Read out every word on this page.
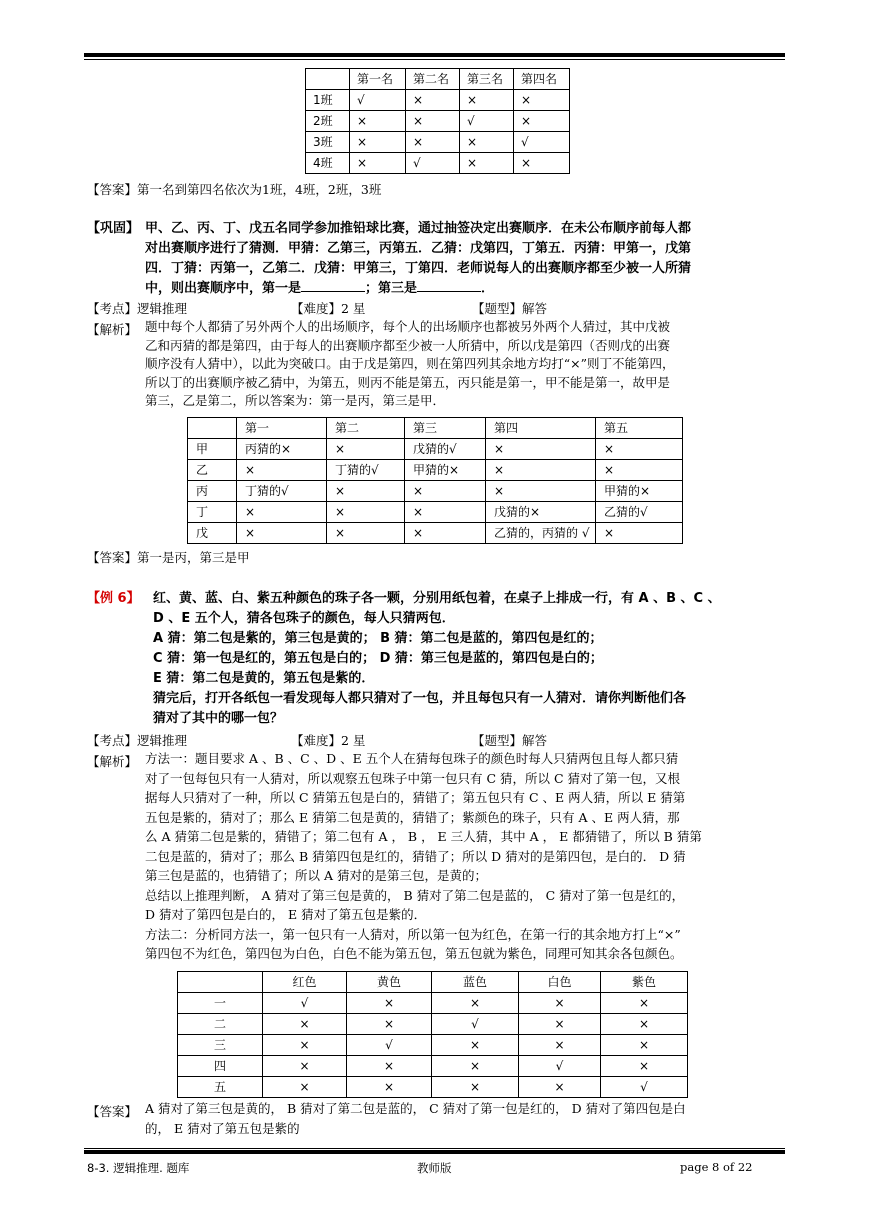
	第一名	第二名	第三名	第四名
1班	√	×	×	×
2班	×	×	√	×
3班	×	×	×	√
4班	×	√	×	×
【答案】第一名到第四名依次为1班，4班，2班，3班
【巩固】 甲、乙、丙、丁、戊五名同学参加推铅球比赛，通过抽签决定出赛顺序．在未公布顺序前每人都
对出赛顺序进行了猜测．甲猜：乙第三，丙第五．乙猜：戊第四，丁第五．丙猜：甲第一，戊第
四．丁猜：丙第一，乙第二．戊猜：甲第三，丁第四．老师说每人的出赛顺序都至少被一人所猜
中，则出赛顺序中，第一是	；第三是	．
【考点】逻辑推理	【难度】2 星	【题型】解答
【解析】 题中每个人都猜了另外两个人的出场顺序，每个人的出场顺序也都被另外两个人猜过，其中戊被
乙和丙猜的都是第四，由于每人的出赛顺序都至少被一人所猜中，所以戊是第四（否则戊的出赛
顺序没有人猜中），以此为突破口。由于戊是第四，则在第四列其余地方均打“×”则丁不能第四，
所以丁的出赛顺序被乙猜中，为第五，则丙不能是第五，丙只能是第一，甲不能是第一，故甲是
第三，乙是第二，所以答案为：第一是丙，第三是甲．
	第一	第二	第三	第四	第五
甲	丙猜的×	×	戊猜的√	×	×
乙	×	丁猜的√	甲猜的×	×	×
丙	丁猜的√	×	×	×	甲猜的×
丁	×	×	×	戊猜的×	乙猜的√
戊	×	×	×	乙猜的，丙猜的 √	×
【答案】第一是丙，第三是甲
【例 6】 红、黄、蓝、白、紫五种颜色的珠子各一颗，分别用纸包着，在桌子上排成一行，有 A 、B 、C 、
D 、E 五个人，猜各包珠子的颜色，每人只猜两包．
A 猜：第二包是紫的，第三包是黄的； B 猜：第二包是蓝的，第四包是红的；
C 猜：第一包是红的，第五包是白的； D 猜：第三包是蓝的，第四包是白的；
E 猜：第二包是黄的，第五包是紫的．
猜完后，打开各纸包一看发现每人都只猜对了一包，并且每包只有一人猜对．请你判断他们各
猜对了其中的哪一包？
【考点】逻辑推理	【难度】2 星	【题型】解答
【解析】 方法一：题目要求 A 、B 、C 、D 、E 五个人在猜每包珠子的颜色时每人只猜两包且每人都只猜
对了一包每包只有一人猜对，所以观察五包珠子中第一包只有 C 猜，所以 C 猜对了第一包，又根
据每人只猜对了一种，所以 C 猜第五包是白的，猜错了；第五包只有 C 、E 两人猜，所以 E 猜第
五包是紫的，猜对了；那么 E 猜第二包是黄的，猜错了；紫颜色的珠子，只有 A 、E 两人猜，那
么 A 猜第二包是紫的，猜错了；第二包有 A ， B ， E 三人猜，其中 A ， E 都猜错了，所以 B 猜第
二包是蓝的，猜对了；那么 B 猜第四包是红的，猜错了；所以 D 猜对的是第四包，是白的． D 猜
第三包是蓝的，也猜错了；所以 A 猜对的是第三包，是黄的；
总结以上推理判断， A 猜对了第三包是黄的， B 猜对了第二包是蓝的， C 猜对了第一包是红的，
D 猜对了第四包是白的， E 猜对了第五包是紫的．
方法二：分析同方法一，第一包只有一人猜对，所以第一包为红色，在第一行的其余地方打上“×”
第四包不为红色，第四包为白色，白色不能为第五包，第五包就为紫色，同理可知其余各包颜色。
	红色	黄色	蓝色	白色	紫色
一	√	×	×	×	×
二	×	×	√	×	×
三	×	√	×	×	×
四	×	×	×	√	×
五	×	×	×	×	√
【答案】 A 猜对了第三包是黄的， B 猜对了第二包是蓝的， C 猜对了第一包是红的， D 猜对了第四包是白
的， E 猜对了第五包是紫的
8-3. 逻辑推理. 题库	教师版	page 8 of 22
